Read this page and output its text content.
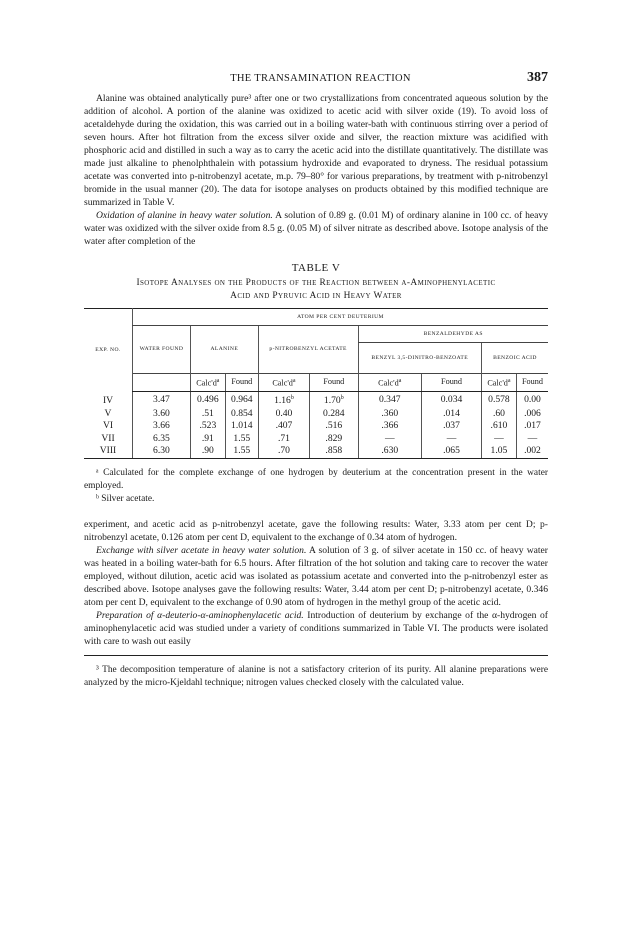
THE TRANSAMINATION REACTION	387

Alanine was obtained analytically pure³ after one or two crystallizations from concentrated aqueous solution by the addition of alcohol. A portion of the alanine was oxidized to acetic acid with silver oxide (19). To avoid loss of acetaldehyde during the oxidation, this was carried out in a boiling water-bath with continuous stirring over a period of seven hours. After hot filtration from the excess silver oxide and silver, the reaction mixture was acidified with phosphoric acid and distilled in such a way as to carry the acetic acid into the distillate quantitatively. The distillate was made just alkaline to phenolphthalein with potassium hydroxide and evaporated to dryness. The residual potassium acetate was converted into p-nitrobenzyl acetate, m.p. 79–80° for various preparations, by treatment with p-nitrobenzyl bromide in the usual manner (20). The data for isotope analyses on products obtained by this modified technique are summarized in Table V.

Oxidation of alanine in heavy water solution. A solution of 0.89 g. (0.01 M) of ordinary alanine in 100 cc. of heavy water was oxidized with the silver oxide from 8.5 g. (0.05 M) of silver nitrate as described above. Isotope analysis of the water after completion of the

TABLE V
Isotope Analyses on the Products of the Reaction between α-Aminophenylacetic
Acid and Pyruvic Acid in Heavy Water
EXP. NO.	ATOM PER CENT DEUTERIUM								
	WATER FOUND	ALANINE		p-NITROBENZYL ACETATE		BENZALDEHYDE AS			
						BENZYL 3,5-DINITRO-BENZOATE		BENZOIC ACID	
		$Calc'd^a$	Found	$Calc'd^a$	Found	$Calc'd^a$	Found	$Calc'd^a$	Found
IV	3.47	0.496	0.964	1.16$^b$	1.70$^b$	0.347	0.034	0.578	0.00
V	3.60	.51	0.854	0.40	0.284	.360	.014	.60	.006
VI	3.66	.523	1.014	.407	.516	.366	.037	.610	.017
VII	6.35	.91	1.55	.71	.829	—	—	—	—
VIII	6.30	.90	1.55	.70	.858	.630	.065	1.05	.002

ᵃ Calculated for the complete exchange of one hydrogen by deuterium at the concentration present in the water employed.

ᵇ Silver acetate.

experiment, and acetic acid as p-nitrobenzyl acetate, gave the following results: Water, 3.33 atom per cent D; p-nitrobenzyl acetate, 0.126 atom per cent D, equivalent to the exchange of 0.34 atom of hydrogen.

Exchange with silver acetate in heavy water solution. A solution of 3 g. of silver acetate in 150 cc. of heavy water was heated in a boiling water-bath for 6.5 hours. After filtration of the hot solution and taking care to recover the water employed, without dilution, acetic acid was isolated as potassium acetate and converted into the p-nitrobenzyl ester as described above. Isotope analyses gave the following results: Water, 3.44 atom per cent D; p-nitrobenzyl acetate, 0.346 atom per cent D, equivalent to the exchange of 0.90 atom of hydrogen in the methyl group of the acetic acid.

Preparation of α-deuterio-α-aminophenylacetic acid. Introduction of deuterium by exchange of the α-hydrogen of aminophenylacetic acid was studied under a variety of conditions summarized in Table VI. The products were isolated with care to wash out easily

³ The decomposition temperature of alanine is not a satisfactory criterion of its purity. All alanine preparations were analyzed by the micro-Kjeldahl technique; nitrogen values checked closely with the calculated value.
